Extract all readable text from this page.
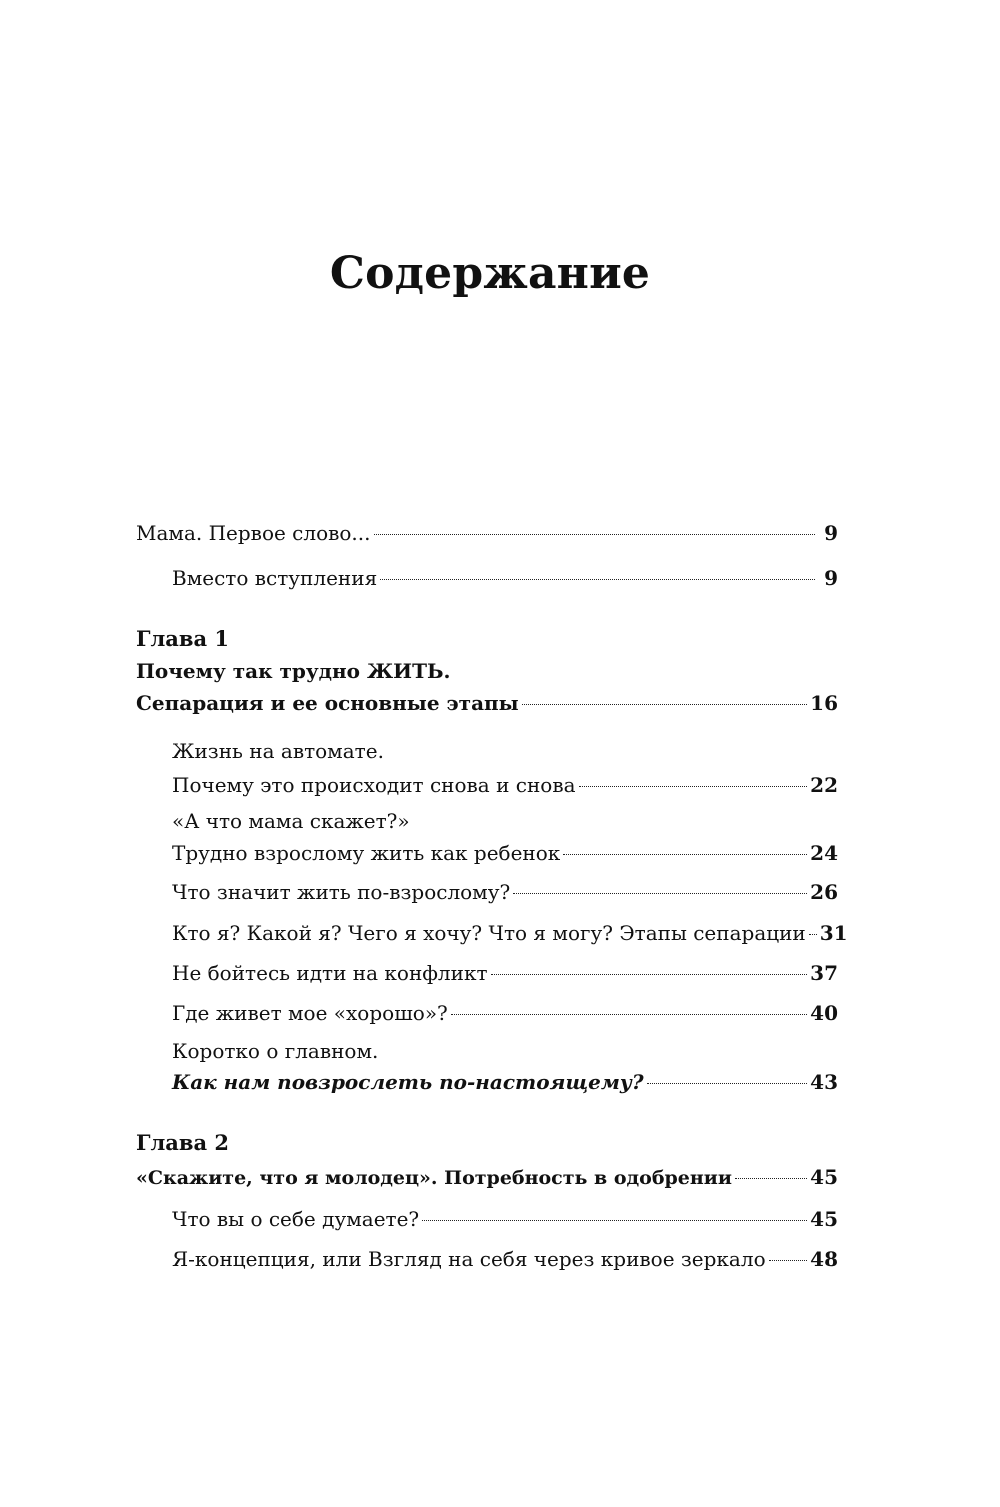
Содержание
Мама. Первое слово...	9
Вместо вступления	9
Глава 1
Почему так трудно ЖИТЬ.
Сепарация и ее основные этапы	16
Жизнь на автомате.
Почему это происходит снова и снова	22
«А что мама скажет?»
Трудно взрослому жить как ребенок	24
Что значит жить по-взрослому?	26
Кто я? Какой я? Чего я хочу? Что я могу? Этапы сепарации 31
Не бойтесь идти на конфликт	37
Где живет мое «хорошо»?	40
Коротко о главном.
Как нам повзрослеть по-настоящему?	43
Глава 2
«Скажите, что я молодец». Потребность в одобрении	45
Что вы о себе думаете?	45
Я-концепция, или Взгляд на себя через кривое зеркало 48
